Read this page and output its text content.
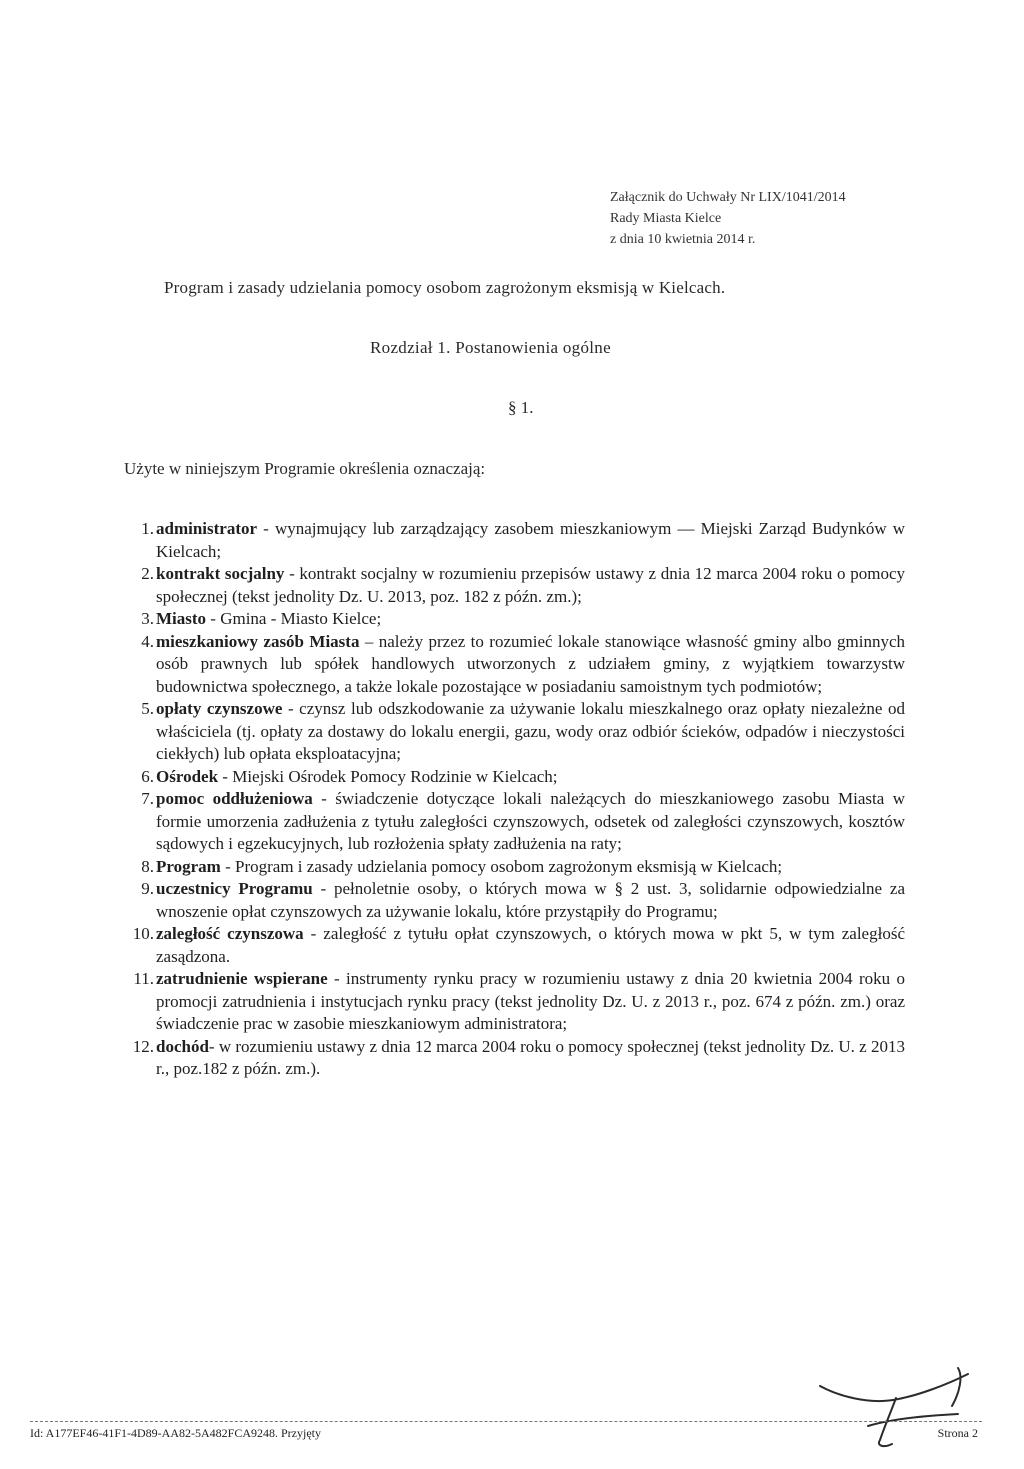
Załącznik do Uchwały Nr LIX/1041/2014
Rady Miasta Kielce
z dnia 10 kwietnia 2014 r.
Program i zasady udzielania pomocy osobom zagrożonym eksmisją w Kielcach.
Rozdział 1. Postanowienia ogólne
§ 1.
Użyte w niniejszym Programie określenia oznaczają:
1. administrator - wynajmujący lub zarządzający zasobem mieszkaniowym — Miejski Zarząd Budynków w Kielcach;
2. kontrakt socjalny - kontrakt socjalny w rozumieniu przepisów ustawy z dnia 12 marca 2004 roku o pomocy społecznej (tekst jednolity Dz. U. 2013, poz. 182 z późn. zm.);
3. Miasto - Gmina - Miasto Kielce;
4. mieszkaniowy zasób Miasta – należy przez to rozumieć lokale stanowiące własność gminy albo gminnych osób prawnych lub spółek handlowych utworzonych z udziałem gminy, z wyjątkiem towarzystw budownictwa społecznego, a także lokale pozostające w posiadaniu samoistnym tych podmiotów;
5. opłaty czynszowe - czynsz lub odszkodowanie za używanie lokalu mieszkalnego oraz opłaty niezależne od właściciela (tj. opłaty za dostawy do lokalu energii, gazu, wody oraz odbiór ścieków, odpadów i nieczystości ciekłych) lub opłata eksploatacyjna;
6. Ośrodek - Miejski Ośrodek Pomocy Rodzinie w Kielcach;
7. pomoc oddłużeniowa - świadczenie dotyczące lokali należących do mieszkaniowego zasobu Miasta w formie umorzenia zadłużenia z tytułu zaległości czynszowych, odsetek od zaległości czynszowych, kosztów sądowych i egzekucyjnych, lub rozłożenia spłaty zadłużenia na raty;
8. Program - Program i zasady udzielania pomocy osobom zagrożonym eksmisją w Kielcach;
9. uczestnicy Programu - pełnoletnie osoby, o których mowa w § 2 ust. 3, solidarnie odpowiedzialne za wnoszenie opłat czynszowych za używanie lokalu, które przystąpiły do Programu;
10. zaległość czynszowa - zaległość z tytułu opłat czynszowych, o których mowa w pkt 5, w tym zaległość zasądzona.
11. zatrudnienie wspierane - instrumenty rynku pracy w rozumieniu ustawy z dnia 20 kwietnia 2004 roku o promocji zatrudnienia i instytucjach rynku pracy (tekst jednolity Dz. U. z 2013 r., poz. 674 z późn. zm.) oraz świadczenie prac w zasobie mieszkaniowym administratora;
12. dochód- w rozumieniu ustawy z dnia 12 marca 2004 roku o pomocy społecznej (tekst jednolity Dz. U. z 2013 r., poz.182 z późn. zm.).
Id: A177EF46-41F1-4D89-AA82-5A482FCA9248. Przyjęty	Strona 2
